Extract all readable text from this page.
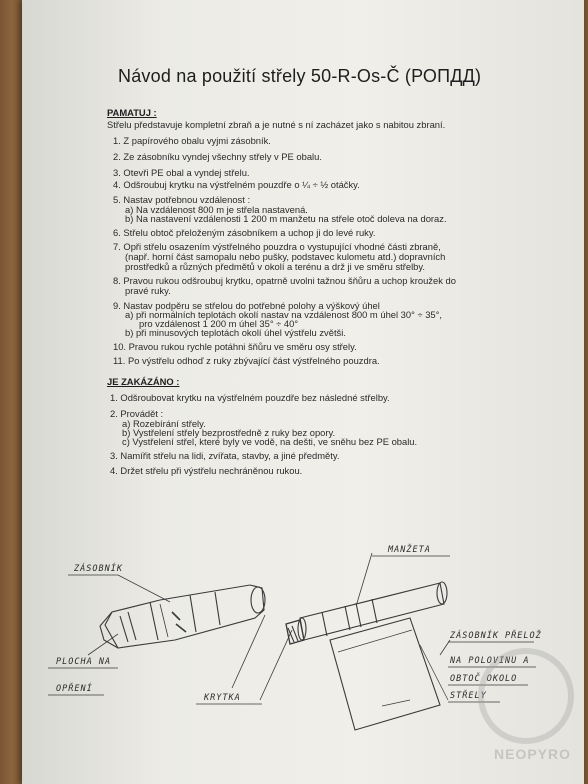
Návod na použití střely 50-R-Os-Č (РОПДД)
PAMATUJ :
Střelu představuje kompletní zbraň a je nutné s ní zacházet jako s nabitou zbraní.
1. Z papírového obalu vyjmi zásobník.
2. Ze zásobníku vyndej všechny střely v PE obalu.
3. Otevři PE obal a vyndej střelu.
4. Odšroubuj krytku na výstřelném pouzdře o ¼ ÷ ½ otáčky.
5. Nastav potřebnou vzdálenost :
a) Na vzdálenost 800 m je střela nastavená.
b) Na nastavení vzdálenosti 1 200 m manžetu na střele otoč doleva na doraz.
6. Střelu obtoč přeloženým zásobníkem a uchop ji do levé ruky.
7. Opři střelu osazením výstřelného pouzdra o vystupující vhodné části zbraně,
(např. horní část samopalu nebo pušky, podstavec kulometu atd.) dopravních
prostředků a různých předmětů v okolí a terénu a drž ji ve směru střelby.
8. Pravou rukou odšroubuj krytku, opatrně uvolni tažnou šňůru a uchop kroužek do
pravé ruky.
9. Nastav podpěru se střelou do potřebné polohy a výškový úhel
a) při normálních teplotách okolí nastav na vzdálenost 800 m úhel 30° ÷ 35°,
pro vzdálenost 1 200 m úhel 35° ÷ 40°
b) při minusových teplotách okolí úhel výstřelu zvětši.
10. Pravou rukou rychle potáhni šňůru ve směru osy střely.
11. Po výstřelu odhoď z ruky zbývající část výstřelného pouzdra.
JE ZAKÁZÁNO :
1. Odšroubovat krytku na výstřelném pouzdře bez následné střelby.
2. Provádět :
a) Rozebírání střely.
b) Vystřelení střely bezprostředně z ruky bez opory.
c) Vystřelení střel, které byly ve vodě, na dešti, ve sněhu bez PE obalu.
3. Namířit střelu na lidi, zvířata, stavby, a jiné předměty.
4. Držet střelu při výstřelu nechráněnou rukou.
ZÁSOBNÍK
PLOCHA NA
OPŘENÍ
KRYTKA
MANŽETA
ZÁSOBNÍK PŘELOŽ
NA POLOVINU A
OBTOČ OKOLO
STŘELY
NEOPYRO
